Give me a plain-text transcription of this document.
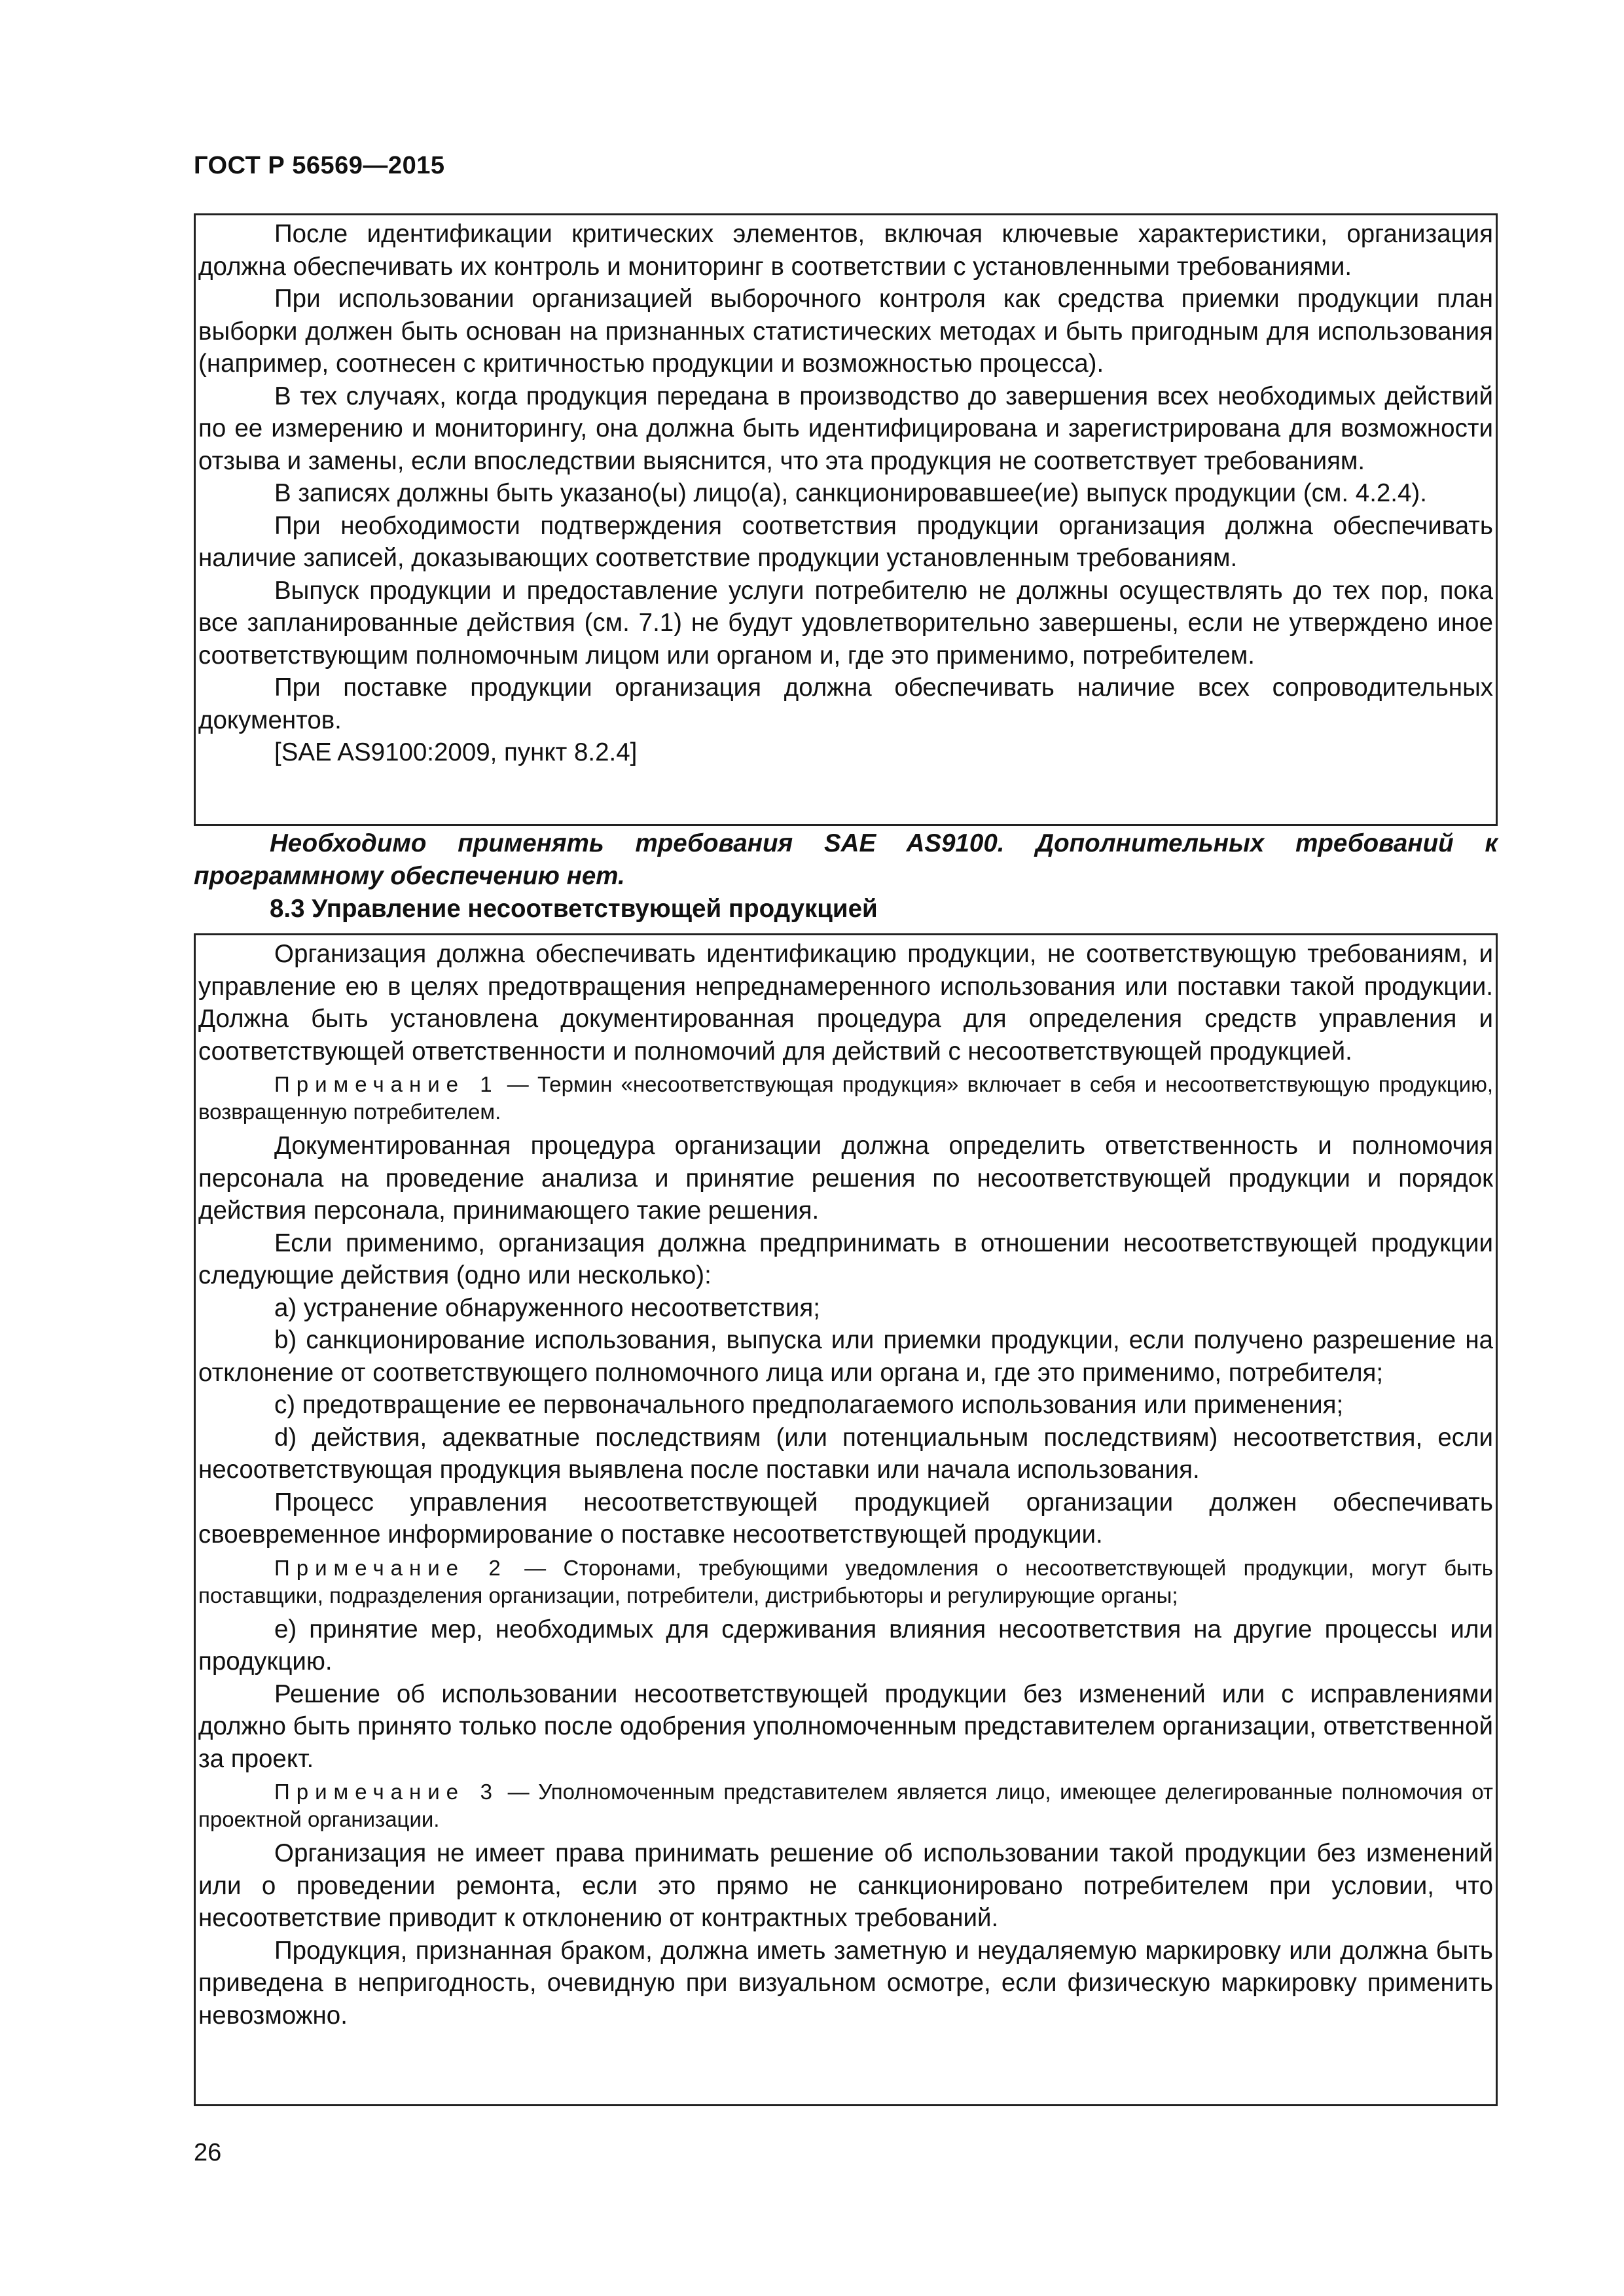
ГОСТ Р 56569—2015

После идентификации критических элементов, включая ключевые характеристики, организация должна обеспечивать их контроль и мониторинг в соответствии с установленными требованиями.

При использовании организацией выборочного контроля как средства приемки продукции план выборки должен быть основан на признанных статистических методах и быть пригодным для использования (например, соотнесен с критичностью продукции и возможностью процесса).

В тех случаях, когда продукция передана в производство до завершения всех необходимых действий по ее измерению и мониторингу, она должна быть идентифицирована и зарегистрирована для возможности отзыва и замены, если впоследствии выяснится, что эта продукция не соответствует требованиям.

В записях должны быть указано(ы) лицо(а), санкционировавшее(ие) выпуск продукции (см. 4.2.4).

При необходимости подтверждения соответствия продукции организация должна обеспечивать наличие записей, доказывающих соответствие продукции установленным требованиям.

Выпуск продукции и предоставление услуги потребителю не должны осуществлять до тех пор, пока все запланированные действия (см. 7.1) не будут удовлетворительно завершены, если не утверждено иное соответствующим полномочным лицом или органом и, где это применимо, потребителем.

При поставке продукции организация должна обеспечивать наличие всех сопроводительных документов.

[SAE AS9100:2009, пункт 8.2.4]

Необходимо применять требования SAE AS9100. Дополнительных требований к программному обеспечению нет.

8.3 Управление несоответствующей продукцией

Организация должна обеспечивать идентификацию продукции, не соответствующую требованиям, и управление ею в целях предотвращения непреднамеренного использования или поставки такой продукции. Должна быть установлена документированная процедура для определения средств управления и соответствующей ответственности и полномочий для действий с несоответствующей продукцией.

Примечание 1 — Термин «несоответствующая продукция» включает в себя и несоответствующую продукцию, возвращенную потребителем.

Документированная процедура организации должна определить ответственность и полномочия персонала на проведение анализа и принятие решения по несоответствующей продукции и порядок действия персонала, принимающего такие решения.

Если применимо, организация должна предпринимать в отношении несоответствующей продукции следующие действия (одно или несколько):

a) устранение обнаруженного несоответствия;

b) санкционирование использования, выпуска или приемки продукции, если получено разрешение на отклонение от соответствующего полномочного лица или органа и, где это применимо, потребителя;

c) предотвращение ее первоначального предполагаемого использования или применения;

d) действия, адекватные последствиям (или потенциальным последствиям) несоответствия, если несоответствующая продукция выявлена после поставки или начала использования.

Процесс управления несоответствующей продукцией организации должен обеспечивать своевременное информирование о поставке несоответствующей продукции.

Примечание 2 — Сторонами, требующими уведомления о несоответствующей продукции, могут быть поставщики, подразделения организации, потребители, дистрибьюторы и регулирующие органы;

e) принятие мер, необходимых для сдерживания влияния несоответствия на другие процессы или продукцию.

Решение об использовании несоответствующей продукции без изменений или с исправлениями должно быть принято только после одобрения уполномоченным представителем организации, ответственной за проект.

Примечание 3 — Уполномоченным представителем является лицо, имеющее делегированные полномочия от проектной организации.

Организация не имеет права принимать решение об использовании такой продукции без изменений или о проведении ремонта, если это прямо не санкционировано потребителем при условии, что несоответствие приводит к отклонению от контрактных требований.

Продукция, признанная браком, должна иметь заметную и неудаляемую маркировку или должна быть приведена в непригодность, очевидную при визуальном осмотре, если физическую маркировку применить невозможно.

26
